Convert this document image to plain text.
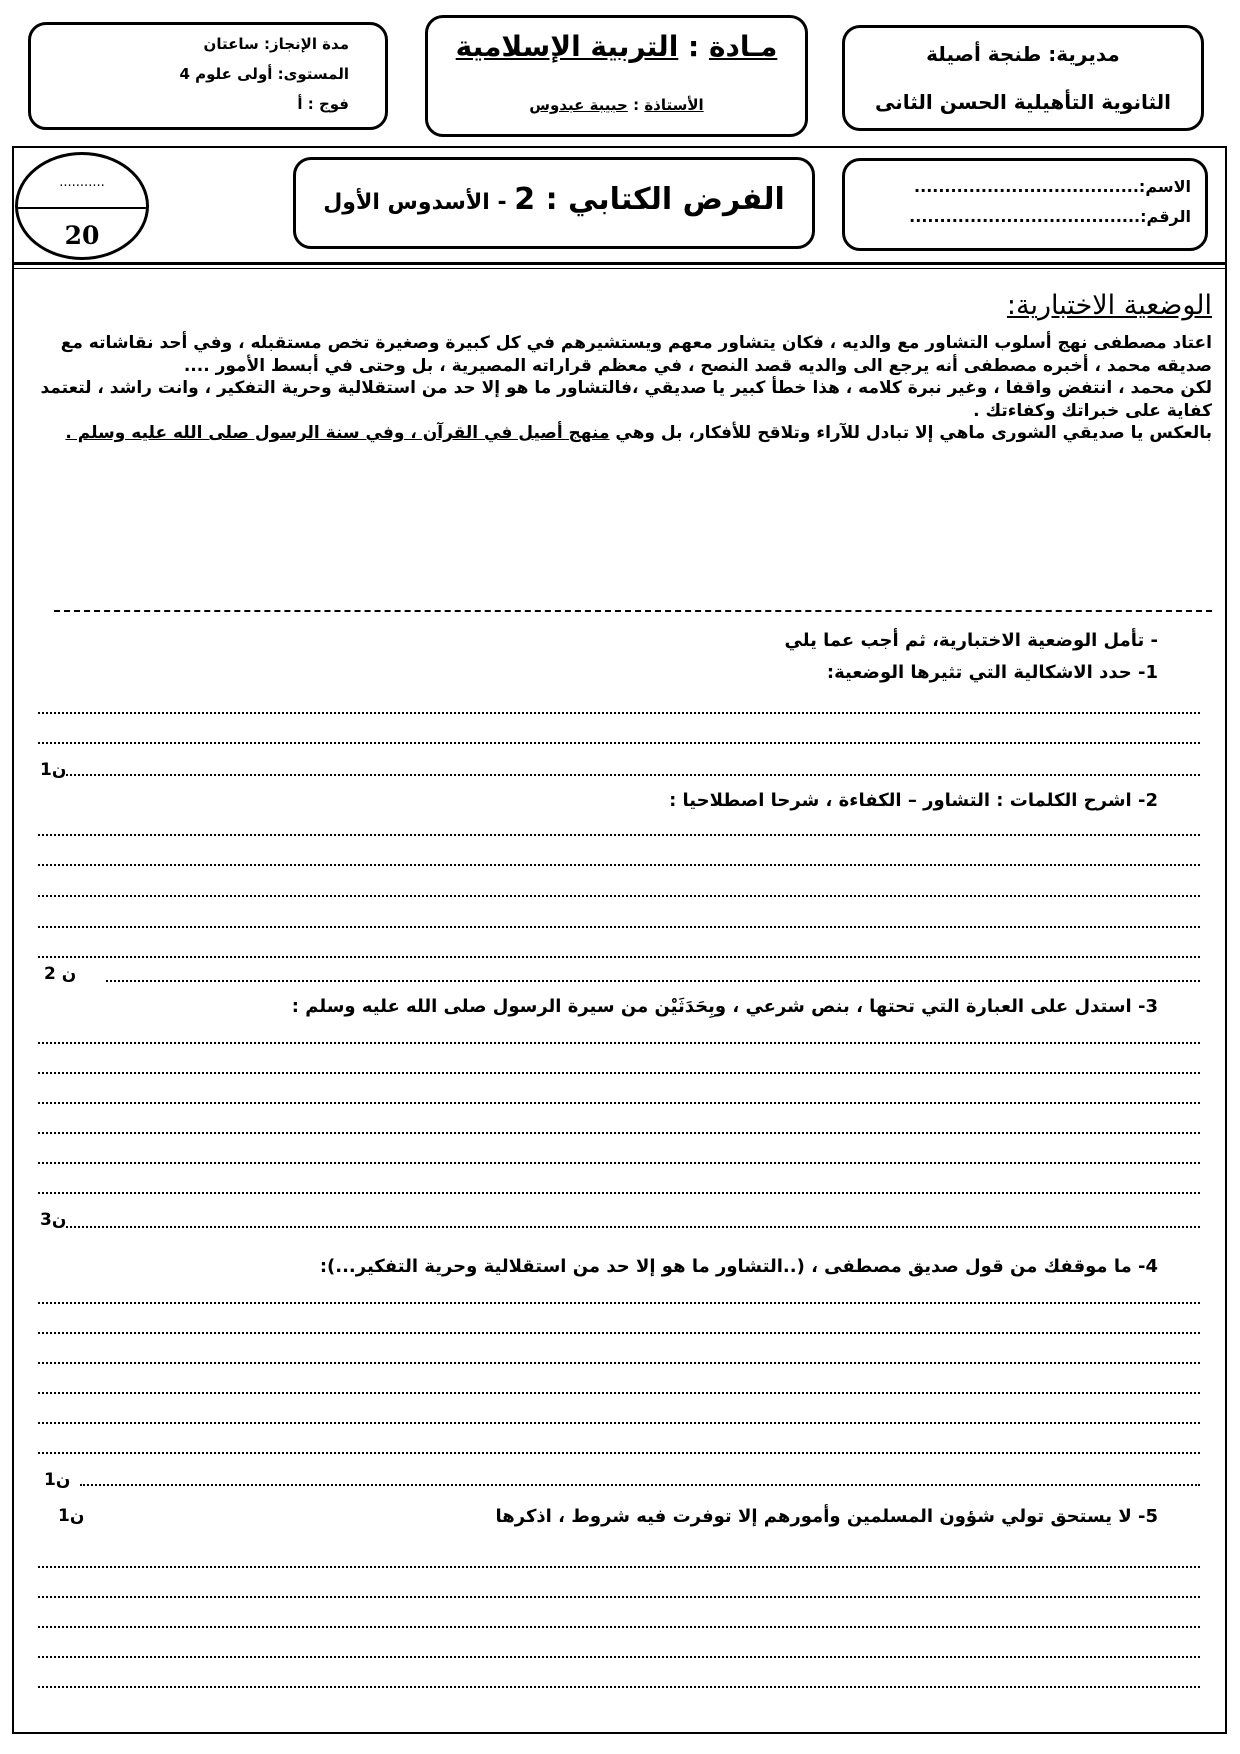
مدة الإنجاز: ساعتان
المستوى: أولى علوم 4
فوج : أ
مـادة : التربية الإسلامية
الأستاذة : حبيبة عبدوس
مديرية: طنجة أصيلة
الثانوية التأهيلية الحسن الثانى
...........
20
الفرض الكتابي : 2 - الأسدوس الأول
الاسم:.....................................
الرقم:......................................
الوضعية الاختبارية:

اعتاد مصطفى نهج أسلوب التشاور مع والديه ، فكان يتشاور معهم ويستشيرهم في كل كبيرة وصغيرة تخص مستقبله ، وفي أحد نقاشاته مع صديقه محمد ، أخبره مصطفى أنه يرجع الى والديه قصد النصح ، في معظم قراراته المصيرية ، بل وحتى في أبسط الأمور ....

لكن محمد ، انتفض واقفا ، وغير نبرة كلامه ، هذا خطأ كبير يا صديقي ،فالتشاور ما هو إلا حد من استقلالية وحرية التفكير ، وانت راشد ، لتعتمد كفاية على خبراتك وكفاءتك .

بالعكس يا صديقي الشورى ماهي إلا تبادل للآراء وتلاقح للأفكار، بل وهي منهج أصيل في القرآن ، وفي سنة الرسول صلى الله عليه وسلم .

- تأمل الوضعية الاختبارية، ثم أجب عما يلي
1- حدد الاشكالية التي تثيرها الوضعية:
1ن
2- اشرح الكلمات : التشاور – الكفاءة ، شرحا اصطلاحيا :
2 ن
3- استدل على العبارة التي تحتها ، بنص شرعي ، وبِحَدَثَيْن من سيرة الرسول صلى الله عليه وسلم :
3ن
4- ما موقفك من قول صديق مصطفى ، (..التشاور ما هو إلا حد من استقلالية وحرية التفكير...):
1ن
5- لا يستحق تولي شؤون المسلمين وأمورهم إلا توفرت فيه شروط ، اذكرها
1ن
